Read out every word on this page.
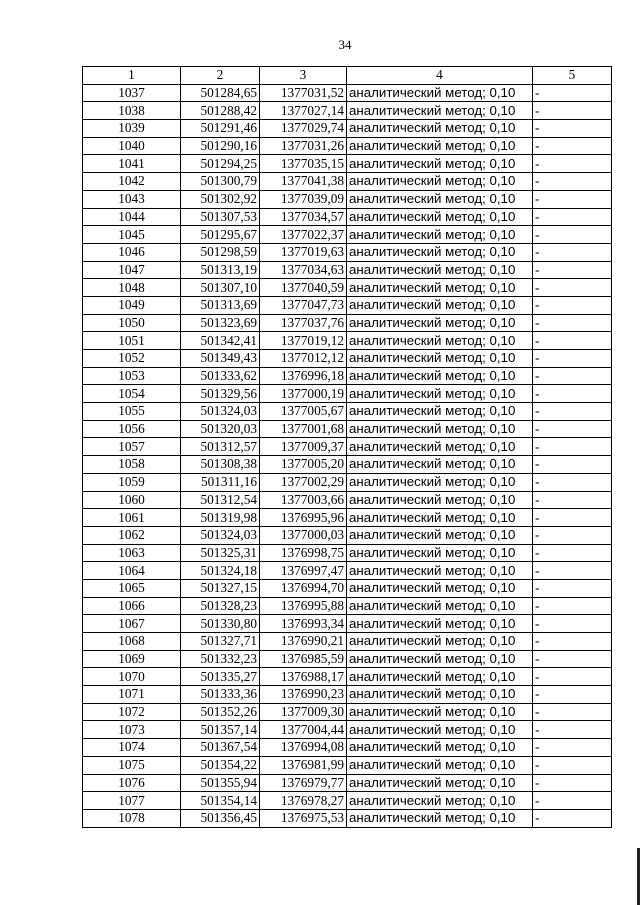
34
1	2	3	4	5
1037	501284,65	1377031,52	аналитический метод; 0,10	-
1038	501288,42	1377027,14	аналитический метод; 0,10	-
1039	501291,46	1377029,74	аналитический метод; 0,10	-
1040	501290,16	1377031,26	аналитический метод; 0,10	-
1041	501294,25	1377035,15	аналитический метод; 0,10	-
1042	501300,79	1377041,38	аналитический метод; 0,10	-
1043	501302,92	1377039,09	аналитический метод; 0,10	-
1044	501307,53	1377034,57	аналитический метод; 0,10	-
1045	501295,67	1377022,37	аналитический метод; 0,10	-
1046	501298,59	1377019,63	аналитический метод; 0,10	-
1047	501313,19	1377034,63	аналитический метод; 0,10	-
1048	501307,10	1377040,59	аналитический метод; 0,10	-
1049	501313,69	1377047,73	аналитический метод; 0,10	-
1050	501323,69	1377037,76	аналитический метод; 0,10	-
1051	501342,41	1377019,12	аналитический метод; 0,10	-
1052	501349,43	1377012,12	аналитический метод; 0,10	-
1053	501333,62	1376996,18	аналитический метод; 0,10	-
1054	501329,56	1377000,19	аналитический метод; 0,10	-
1055	501324,03	1377005,67	аналитический метод; 0,10	-
1056	501320,03	1377001,68	аналитический метод; 0,10	-
1057	501312,57	1377009,37	аналитический метод; 0,10	-
1058	501308,38	1377005,20	аналитический метод; 0,10	-
1059	501311,16	1377002,29	аналитический метод; 0,10	-
1060	501312,54	1377003,66	аналитический метод; 0,10	-
1061	501319,98	1376995,96	аналитический метод; 0,10	-
1062	501324,03	1377000,03	аналитический метод; 0,10	-
1063	501325,31	1376998,75	аналитический метод; 0,10	-
1064	501324,18	1376997,47	аналитический метод; 0,10	-
1065	501327,15	1376994,70	аналитический метод; 0,10	-
1066	501328,23	1376995,88	аналитический метод; 0,10	-
1067	501330,80	1376993,34	аналитический метод; 0,10	-
1068	501327,71	1376990,21	аналитический метод; 0,10	-
1069	501332,23	1376985,59	аналитический метод; 0,10	-
1070	501335,27	1376988,17	аналитический метод; 0,10	-
1071	501333,36	1376990,23	аналитический метод; 0,10	-
1072	501352,26	1377009,30	аналитический метод; 0,10	-
1073	501357,14	1377004,44	аналитический метод; 0,10	-
1074	501367,54	1376994,08	аналитический метод; 0,10	-
1075	501354,22	1376981,99	аналитический метод; 0,10	-
1076	501355,94	1376979,77	аналитический метод; 0,10	-
1077	501354,14	1376978,27	аналитический метод; 0,10	-
1078	501356,45	1376975,53	аналитический метод; 0,10	-
